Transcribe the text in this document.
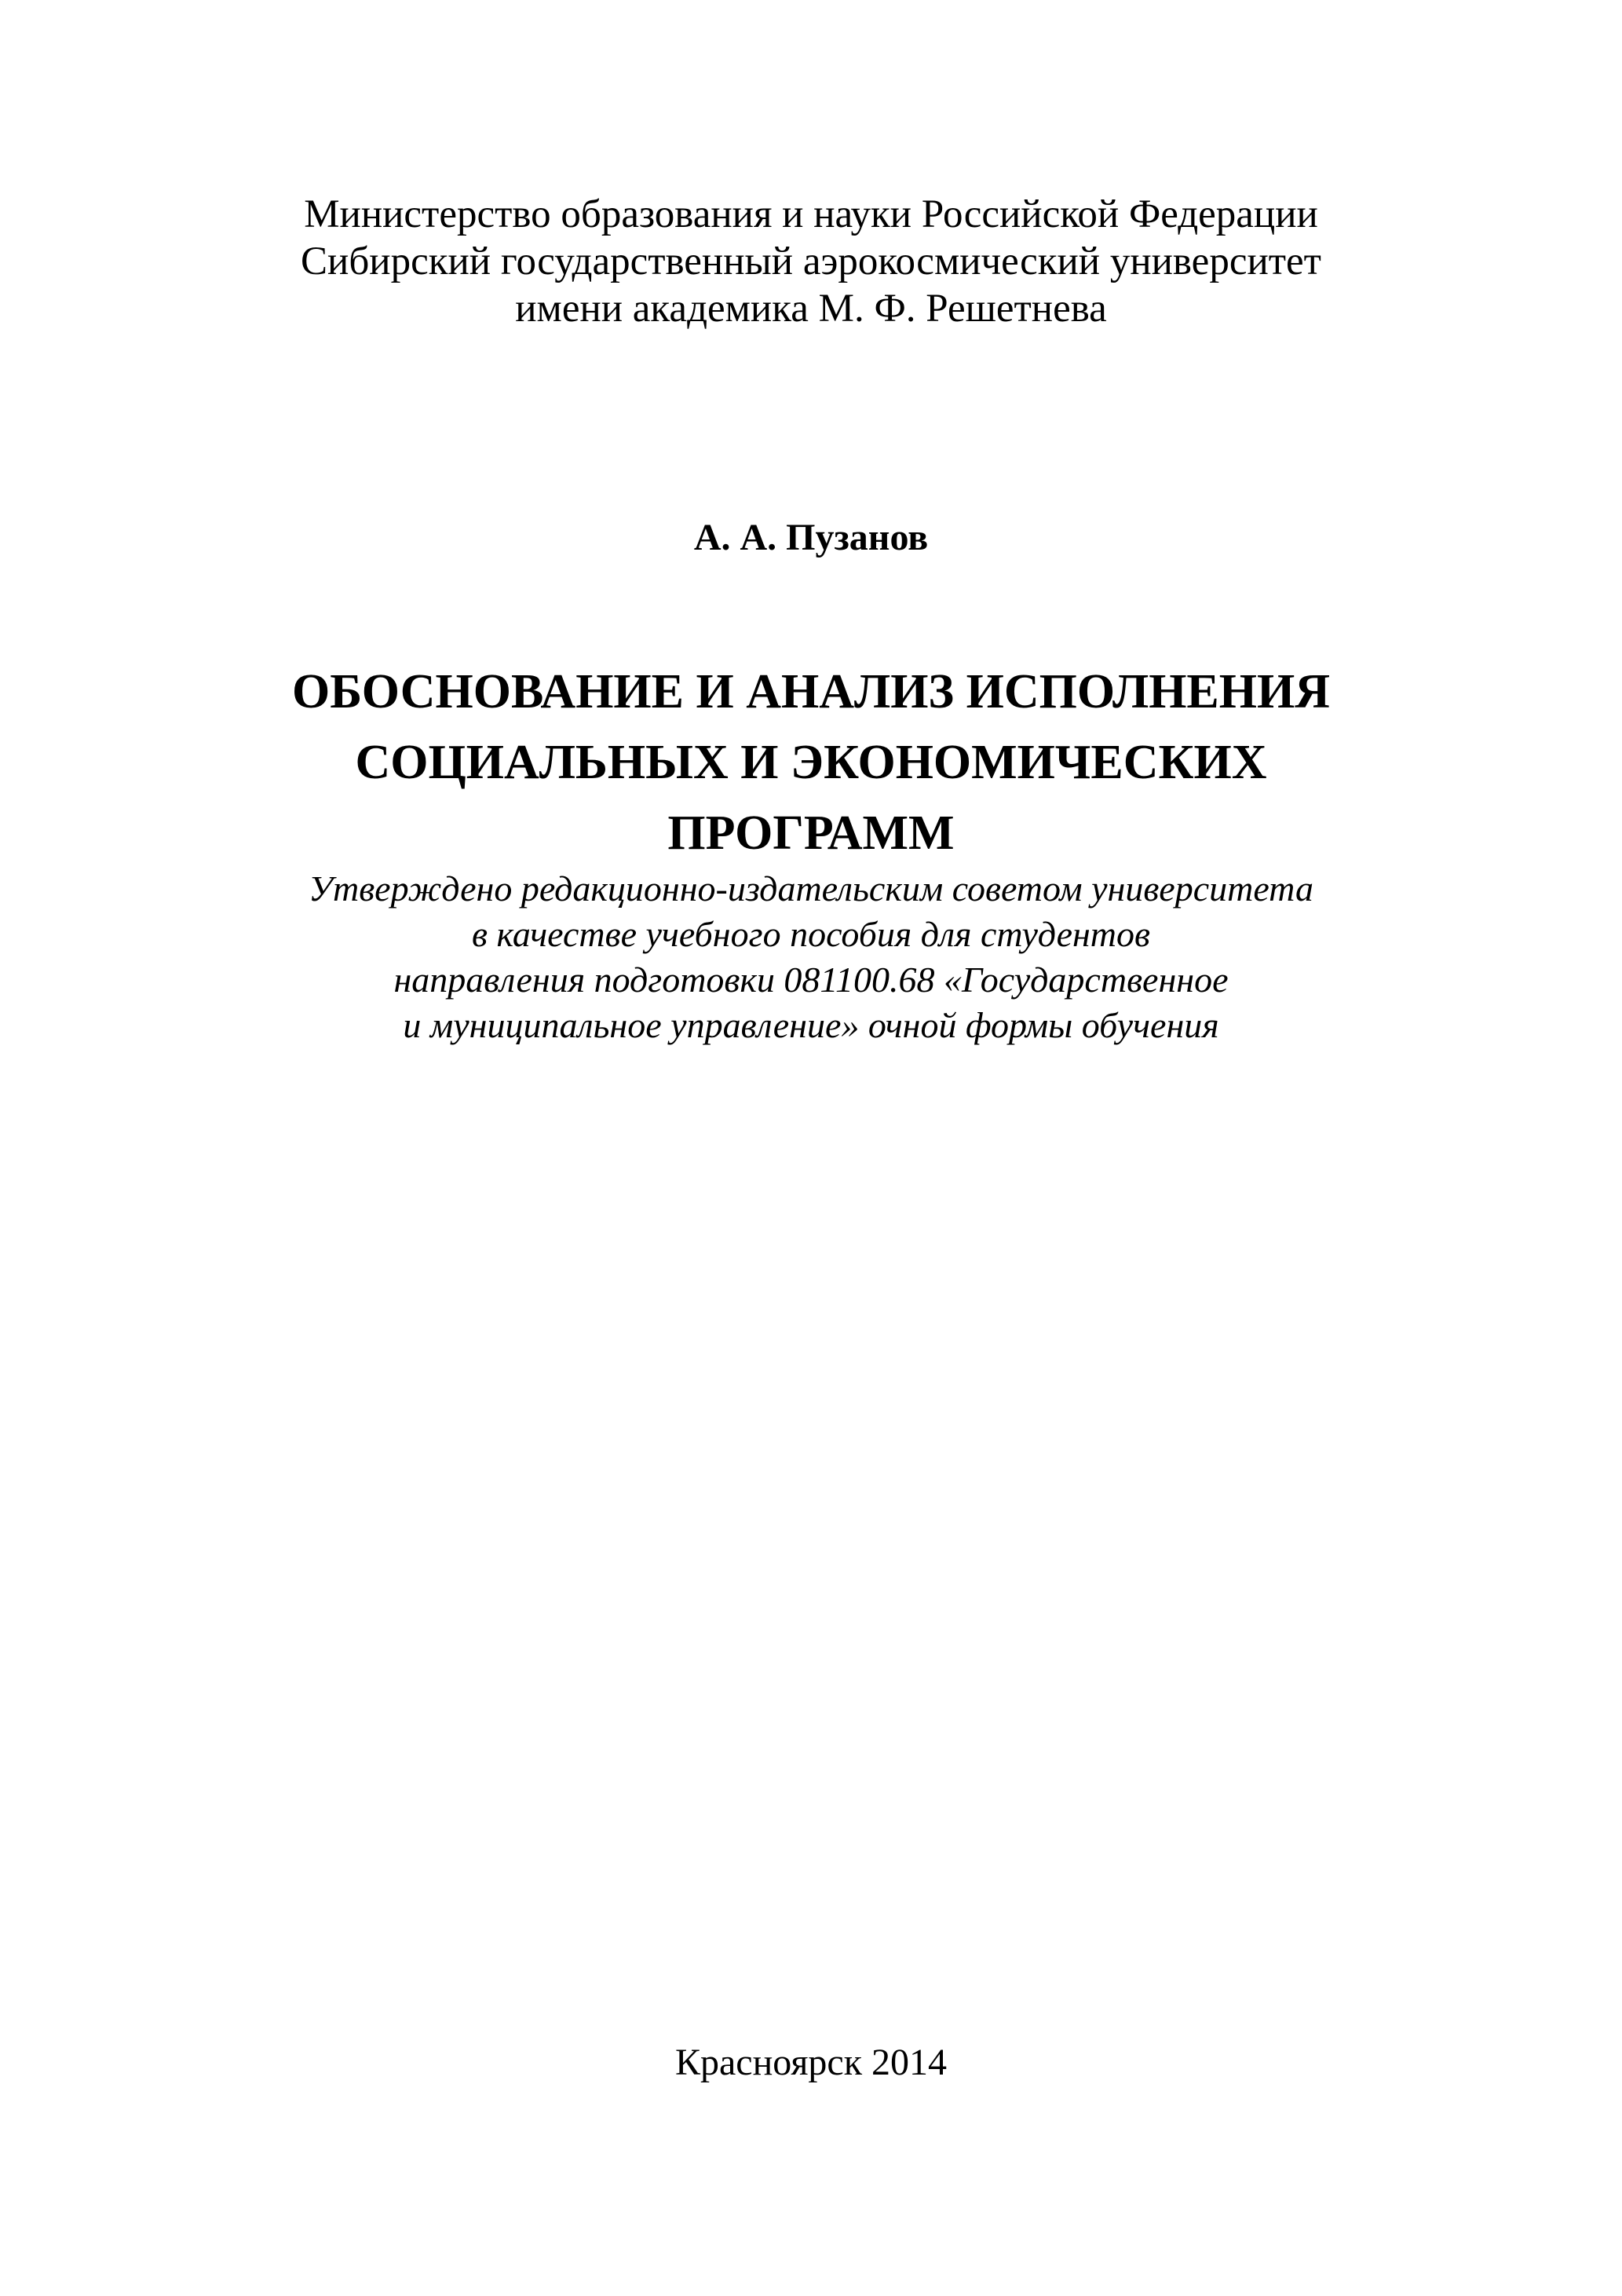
Министерство образования и науки Российской Федерации
Сибирский государственный аэрокосмический университет
имени академика М. Ф. Решетнева
А. А. Пузанов
ОБОСНОВАНИЕ И АНАЛИЗ ИСПОЛНЕНИЯ
СОЦИАЛЬНЫХ И ЭКОНОМИЧЕСКИХ
ПРОГРАММ
Утверждено редакционно-издательским советом университета
в качестве учебного пособия для студентов
направления подготовки 081100.68 «Государственное
и муниципальное управление» очной формы обучения
Красноярск 2014
